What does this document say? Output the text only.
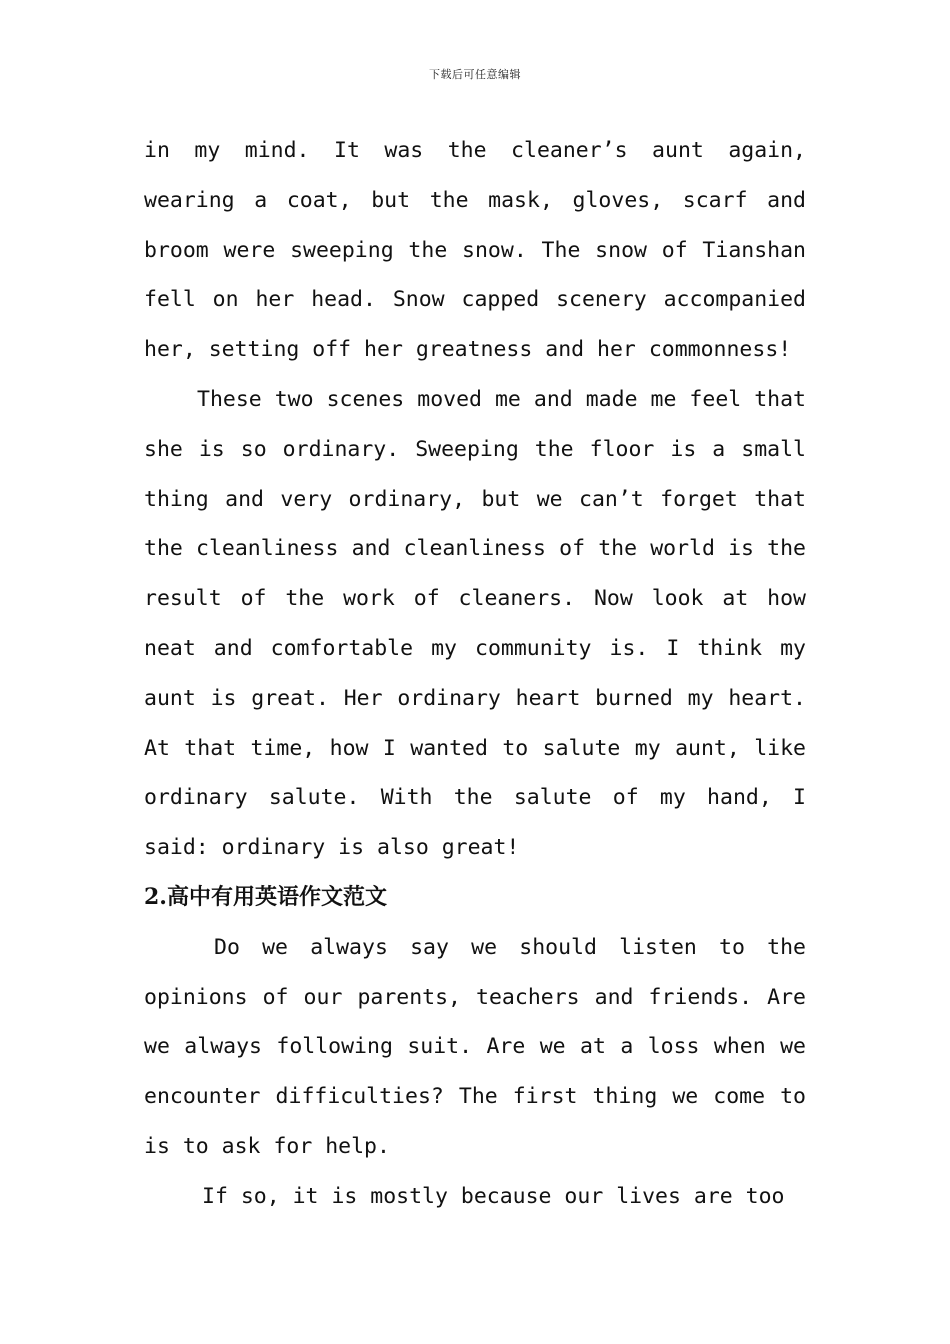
下载后可任意编辑

in my mind. It was the cleaner’s aunt again, wearing a coat, but the mask, gloves, scarf and broom were sweeping the snow. The snow of Tianshan fell on her head. Snow capped scenery accompanied her, setting off her greatness and her commonness!

These two scenes moved me and made me feel that she is so ordinary. Sweeping the floor is a small thing and very ordinary, but we can’t forget that the cleanliness and cleanliness of the world is the result of the work of cleaners. Now look at how neat and comfortable my community is. I think my aunt is great. Her ordinary heart burned my heart. At that time, how I wanted to salute my aunt, like ordinary salute. With the salute of my hand, I said: ordinary is also great!

2.高中有用英语作文范文

Do we always say we should listen to the opinions of our parents, teachers and friends. Are we always following suit. Are we at a loss when we encounter difficulties? The first thing we come to is to ask for help.

If so, it is mostly because our lives are too
